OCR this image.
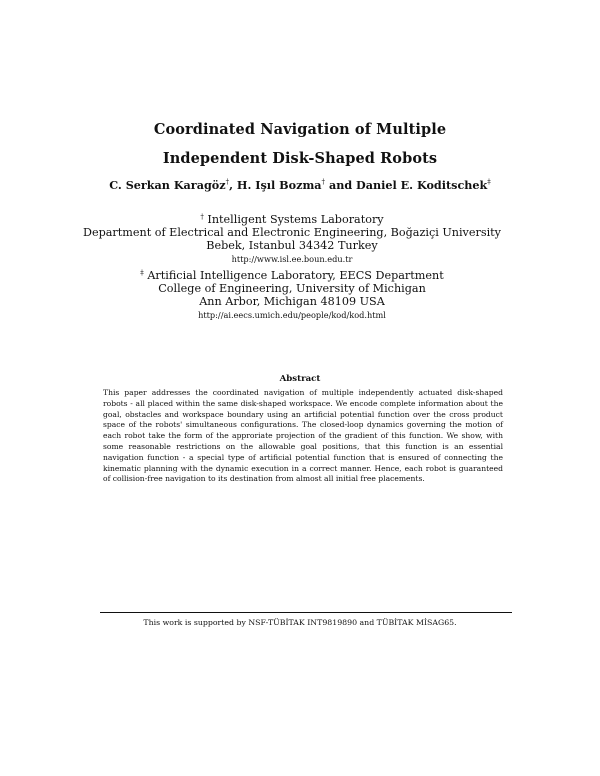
Coordinated Navigation of Multiple
Independent Disk-Shaped Robots
C. Serkan Karagöz†, H. Işıl Bozma† and Daniel E. Koditschek‡
† Intelligent Systems Laboratory
Department of Electrical and Electronic Engineering, Boğaziçi University
Bebek, Istanbul 34342 Turkey
http://www.isl.ee.boun.edu.tr
‡ Artificial Intelligence Laboratory, EECS Department
College of Engineering, University of Michigan
Ann Arbor, Michigan 48109 USA
http://ai.eecs.umich.edu/people/kod/kod.html
Abstract
This paper addresses the coordinated navigation of multiple independently actuated disk-shaped robots - all placed within the same disk-shaped workspace. We encode complete information about the goal, obstacles and workspace boundary using an artificial potential function over the cross product space of the robots' simultaneous configurations. The closed-loop dynamics governing the motion of each robot take the form of the approriate projection of the gradient of this function. We show, with some reasonable restrictions on the allowable goal positions, that this function is an essential navigation function - a special type of artificial potential function that is ensured of connecting the kinematic planning with the dynamic execution in a correct manner. Hence, each robot is guaranteed of collision-free navigation to its destination from almost all initial free placements.
This work is supported by NSF-TÜBİTAK INT9819890 and TÜBİTAK MİSAG65.
